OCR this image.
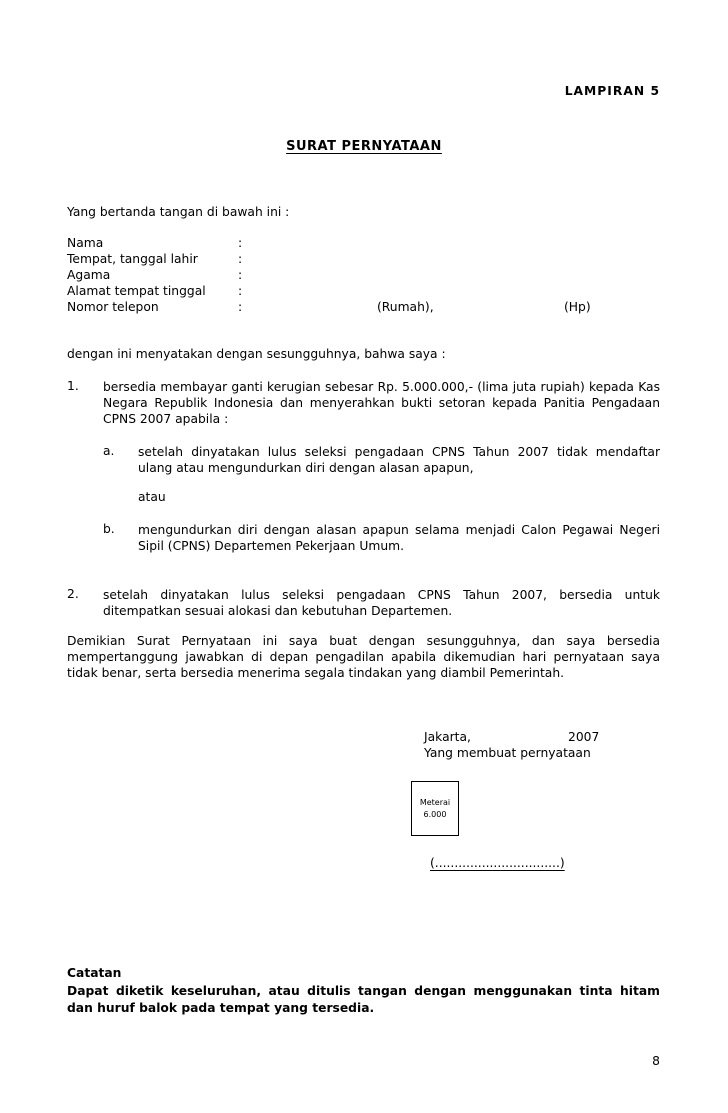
LAMPIRAN 5
SURAT PERNYATAAN
Yang bertanda tangan di bawah ini :
Nama	:
Tempat, tanggal lahir	:
Agama	:
Alamat tempat tinggal	:
Nomor telepon	:	(Rumah),	(Hp)
dengan ini menyatakan dengan sesungguhnya, bahwa saya :
1. bersedia membayar ganti kerugian sebesar Rp. 5.000.000,- (lima juta rupiah) kepada Kas Negara Republik Indonesia dan menyerahkan bukti setoran kepada Panitia Pengadaan CPNS 2007 apabila :
a. setelah dinyatakan lulus seleksi pengadaan CPNS Tahun 2007 tidak mendaftar ulang atau mengundurkan diri dengan alasan apapun,
atau
b. mengundurkan diri dengan alasan apapun selama menjadi Calon Pegawai Negeri Sipil (CPNS) Departemen Pekerjaan Umum.
2. setelah dinyatakan lulus seleksi pengadaan CPNS Tahun 2007, bersedia untuk ditempatkan sesuai alokasi dan kebutuhan Departemen.
Demikian Surat Pernyataan ini saya buat dengan sesungguhnya, dan saya bersedia mempertanggung jawabkan di depan pengadilan apabila dikemudian hari pernyataan saya tidak benar, serta bersedia menerima segala tindakan yang diambil Pemerintah.
Jakarta,	2007
Yang membuat pernyataan
Meterai
6.000
(................................)
Catatan
Dapat diketik keseluruhan, atau ditulis tangan dengan menggunakan tinta hitam dan huruf balok pada tempat yang tersedia.
8
